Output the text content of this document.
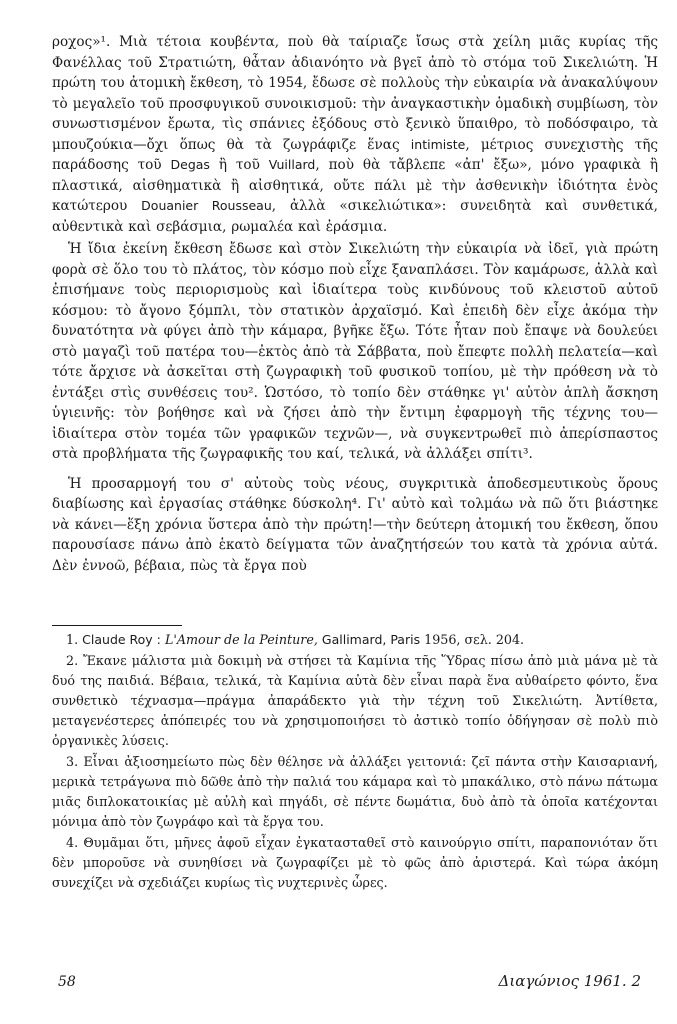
ροχος»¹. Μιὰ τέτοια κουβέντα, ποὺ θὰ ταίριαζε ἴσως στὰ χείλη μιᾶς κυρίας τῆς Φανέλλας τοῦ Στρατιώτη, θἆταν ἀδιανόητο νὰ βγεῖ ἀπὸ τὸ στόμα τοῦ Σικελιώτη. Ἡ πρώτη του ἀτομικὴ ἔκθεση, τὸ 1954, ἔδωσε σὲ πολλοὺς τὴν εὐκαιρία νὰ ἀνακαλύψουν τὸ μεγαλεῖο τοῦ προσφυγικοῦ συνοικισμοῦ: τὴν ἀναγκαστικὴν ὁμαδικὴ συμβίωση, τὸν συνωστισμένον ἔρωτα, τὶς σπάνιες ἐξόδους στὸ ξενικὸ ὕπαιθρο, τὸ ποδόσφαιρο, τὰ μπουζούκια—ὄχι ὅπως θὰ τὰ ζωγράφιζε ἕνας intimiste, μέτριος συνεχιστὴς τῆς παράδοσης τοῦ Degas ἢ τοῦ Vuillard, ποὺ θὰ τἄβλεπε «ἀπ' ἔξω», μόνο γραφικὰ ἢ πλαστικά, αἰσθηματικὰ ἢ αἰσθητικά, οὔτε πάλι μὲ τὴν ἀσθενικὴν ἰδιότητα ἑνὸς κατώτερου Douanier Rousseau, ἀλλὰ «σικελιώτικα»: συνειδητὰ καὶ συνθετικά, αὐθεντικὰ καὶ σεβάσμια, ρωμαλέα καὶ ἐράσμια.

Ἡ ἴδια ἐκείνη ἔκθεση ἔδωσε καὶ στὸν Σικελιώτη τὴν εὐκαιρία νὰ ἰδεῖ, γιὰ πρώτη φορὰ σὲ ὅλο του τὸ πλάτος, τὸν κόσμο ποὺ εἶχε ξαναπλάσει. Τὸν καμάρωσε, ἀλλὰ καὶ ἐπισήμανε τοὺς περιορισμοὺς καὶ ἰδιαίτερα τοὺς κινδύνους τοῦ κλειστοῦ αὐτοῦ κόσμου: τὸ ἄγονο ξόμπλι, τὸν στατικὸν ἀρχαϊσμό. Καὶ ἐπειδὴ δὲν εἶχε ἀκόμα τὴν δυνατότητα νὰ φύγει ἀπὸ τὴν κάμαρα, βγῆκε ἔξω. Τότε ἦταν ποὺ ἔπαψε νὰ δουλεύει στὸ μαγαζὶ τοῦ πατέρα του—ἐκτὸς ἀπὸ τὰ Σάββατα, ποὺ ἔπεφτε πολλὴ πελατεία—καὶ τότε ἄρχισε νὰ ἀσκεῖται στὴ ζωγραφικὴ τοῦ φυσικοῦ τοπίου, μὲ τὴν πρόθεση νὰ τὸ ἐντάξει στὶς συνθέσεις του². Ὡστόσο, τὸ τοπίο δὲν στάθηκε γι' αὐτὸν ἁπλὴ ἄσκηση ὑγιεινῆς: τὸν βοήθησε καὶ νὰ ζήσει ἀπὸ τὴν ἔντιμη ἐφαρμογὴ τῆς τέχνης του—ἰδιαίτερα στὸν τομέα τῶν γραφικῶν τεχνῶν—, νὰ συγκεντρωθεῖ πιὸ ἀπερίσπαστος στὰ προβλήματα τῆς ζωγραφικῆς του καί, τελικά, νὰ ἀλλάξει σπίτι³.

Ἡ προσαρμογή του σ' αὐτοὺς τοὺς νέους, συγκριτικὰ ἀποδεσμευτικοὺς ὅρους διαβίωσης καὶ ἐργασίας στάθηκε δύσκολη⁴. Γι' αὐτὸ καὶ τολμάω νὰ πῶ ὅτι βιάστηκε νὰ κάνει—ἕξη χρόνια ὕστερα ἀπὸ τὴν πρώτη!—τὴν δεύτερη ἀτομική του ἔκθεση, ὅπου παρουσίασε πάνω ἀπὸ ἑκατὸ δείγματα τῶν ἀναζητήσεών του κατὰ τὰ χρόνια αὐτά. Δὲν ἐννοῶ, βέβαια, πὼς τὰ ἔργα ποὺ

1. Claude Roy : L'Amour de la Peinture, Gallimard, Paris 1956, σελ. 204.

2. Ἔκανε μάλιστα μιὰ δοκιμὴ νὰ στήσει τὰ Καμίνια τῆς Ὕδρας πίσω ἀπὸ μιὰ μάνα μὲ τὰ δυό της παιδιά. Βέβαια, τελικά, τὰ Καμίνια αὐτὰ δὲν εἶναι παρὰ ἕνα αὐθαίρετο φόντο, ἕνα συνθετικὸ τέχνασμα—πράγμα ἀπαράδεκτο γιὰ τὴν τέχνη τοῦ Σικελιώτη. Ἀντίθετα, μεταγενέστερες ἀπόπειρές του νὰ χρησιμοποιήσει τὸ ἀστικὸ τοπίο ὁδήγησαν σὲ πολὺ πιὸ ὀργανικὲς λύσεις.

3. Εἶναι ἀξιοσημείωτο πὼς δὲν θέλησε νὰ ἀλλάξει γειτονιά: ζεῖ πάντα στὴν Καισαριανή, μερικὰ τετράγωνα πιὸ δῶθε ἀπὸ τὴν παλιά του κάμαρα καὶ τὸ μπακάλικο, στὸ πάνω πάτωμα μιᾶς διπλοκατοικίας μὲ αὐλὴ καὶ πηγάδι, σὲ πέντε δωμάτια, δυὸ ἀπὸ τὰ ὁποῖα κατέχονται μόνιμα ἀπὸ τὸν ζωγράφο καὶ τὰ ἔργα του.

4. Θυμᾶμαι ὅτι, μῆνες ἀφοῦ εἶχαν ἐγκατασταθεῖ στὸ καινούργιο σπίτι, παραπονιόταν ὅτι δὲν μποροῦσε νὰ συνηθίσει νὰ ζωγραφίζει μὲ τὸ φῶς ἀπὸ ἀριστερά. Καὶ τώρα ἀκόμη συνεχίζει νὰ σχεδιάζει κυρίως τὶς νυχτερινὲς ὧρες.

58	Διαγώνιος 1961. 2
